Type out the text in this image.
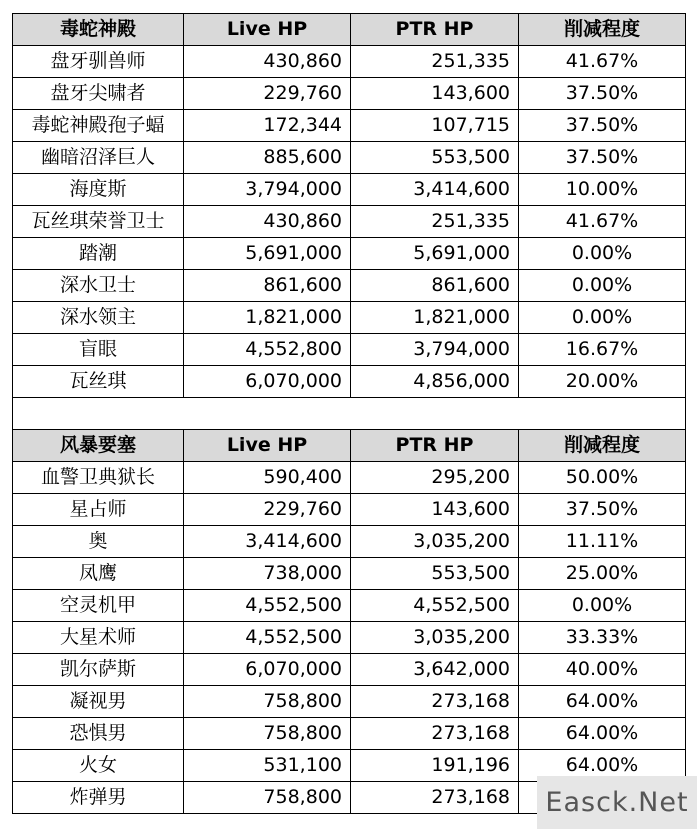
毒蛇神殿	Live HP	PTR HP	削减程度
盘牙驯兽师	430,860	251,335	41.67%
盘牙尖啸者	229,760	143,600	37.50%
毒蛇神殿孢子蝠	172,344	107,715	37.50%
幽暗沼泽巨人	885,600	553,500	37.50%
海度斯	3,794,000	3,414,600	10.00%
瓦丝琪荣誉卫士	430,860	251,335	41.67%
踏潮	5,691,000	5,691,000	0.00%
深水卫士	861,600	861,600	0.00%
深水领主	1,821,000	1,821,000	0.00%
盲眼	4,552,800	3,794,000	16.67%
瓦丝琪	6,070,000	4,856,000	20.00%

风暴要塞	Live HP	PTR HP	削减程度
血警卫典狱长	590,400	295,200	50.00%
星占师	229,760	143,600	37.50%
奥	3,414,600	3,035,200	11.11%
凤鹰	738,000	553,500	25.00%
空灵机甲	4,552,500	4,552,500	0.00%
大星术师	4,552,500	3,035,200	33.33%
凯尔萨斯	6,070,000	3,642,000	40.00%
凝视男	758,800	273,168	64.00%
恐惧男	758,800	273,168	64.00%
火女	531,100	191,196	64.00%
炸弹男	758,800	273,168		Easck.Net
